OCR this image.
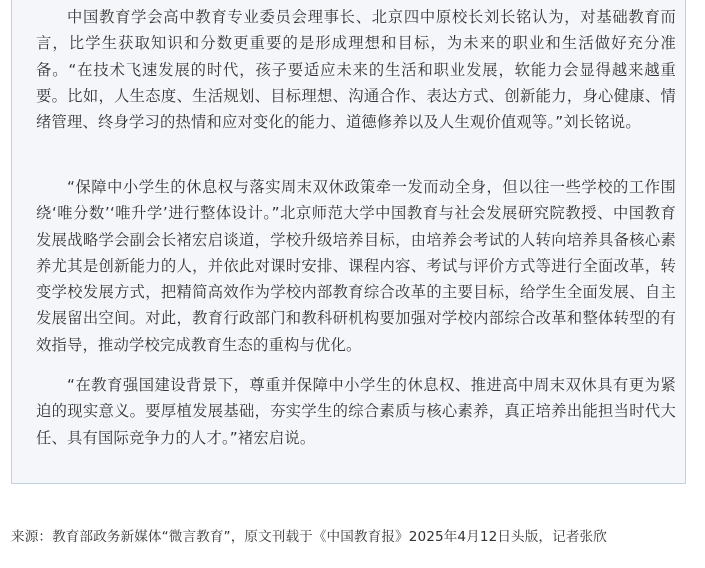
中国教育学会高中教育专业委员会理事长、北京四中原校长刘长铭认为，对基础教育而言，比学生获取知识和分数更重要的是形成理想和目标，为未来的职业和生活做好充分准备。“在技术飞速发展的时代，孩子要适应未来的生活和职业发展，软能力会显得越来越重要。比如，人生态度、生活规划、目标理想、沟通合作、表达方式、创新能力，身心健康、情绪管理、终身学习的热情和应对变化的能力、道德修养以及人生观价值观等。”刘长铭说。

“保障中小学生的休息权与落实周末双休政策牵一发而动全身，但以往一些学校的工作围绕‘唯分数’‘唯升学’进行整体设计。”北京师范大学中国教育与社会发展研究院教授、中国教育发展战略学会副会长褚宏启谈道，学校升级培养目标，由培养会考试的人转向培养具备核心素养尤其是创新能力的人，并依此对课时安排、课程内容、考试与评价方式等进行全面改革，转变学校发展方式，把精简高效作为学校内部教育综合改革的主要目标，给学生全面发展、自主发展留出空间。对此，教育行政部门和教科研机构要加强对学校内部综合改革和整体转型的有效指导，推动学校完成教育生态的重构与优化。

“在教育强国建设背景下，尊重并保障中小学生的休息权、推进高中周末双休具有更为紧迫的现实意义。要厚植发展基础，夯实学生的综合素质与核心素养，真正培养出能担当时代大任、具有国际竞争力的人才。”褚宏启说。

来源：教育部政务新媒体“微言教育”，原文刊载于《中国教育报》2025年4月12日头版，记者张欣
